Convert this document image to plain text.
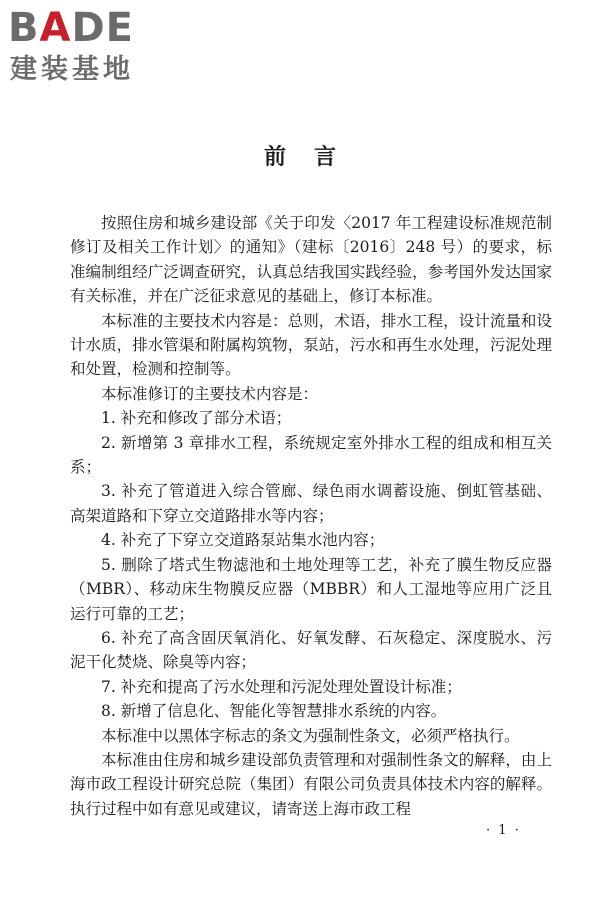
BADE
建装基地
前言

按照住房和城乡建设部《关于印发〈2017 年工程建设标准规范制修订及相关工作计划〉的通知》（建标〔2016〕248 号）的要求，标准编制组经广泛调查研究，认真总结我国实践经验，参考国外发达国家有关标准，并在广泛征求意见的基础上，修订本标准。

本标准的主要技术内容是：总则，术语，排水工程，设计流量和设计水质，排水管渠和附属构筑物，泵站，污水和再生水处理，污泥处理和处置，检测和控制等。

本标准修订的主要技术内容是：

1. 补充和修改了部分术语；

2. 新增第 3 章排水工程，系统规定室外排水工程的组成和相互关系；

3. 补充了管道进入综合管廊、绿色雨水调蓄设施、倒虹管基础、高架道路和下穿立交道路排水等内容；

4. 补充了下穿立交道路泵站集水池内容；

5. 删除了塔式生物滤池和土地处理等工艺，补充了膜生物反应器（MBR）、移动床生物膜反应器（MBBR）和人工湿地等应用广泛且运行可靠的工艺；

6. 补充了高含固厌氧消化、好氧发酵、石灰稳定、深度脱水、污泥干化焚烧、除臭等内容；

7. 补充和提高了污水处理和污泥处理处置设计标准；

8. 新增了信息化、智能化等智慧排水系统的内容。

本标准中以黑体字标志的条文为强制性条文，必须严格执行。

本标准由住房和城乡建设部负责管理和对强制性条文的解释，由上海市政工程设计研究总院（集团）有限公司负责具体技术内容的解释。执行过程中如有意见或建议，请寄送上海市政工程

· 1 ·
